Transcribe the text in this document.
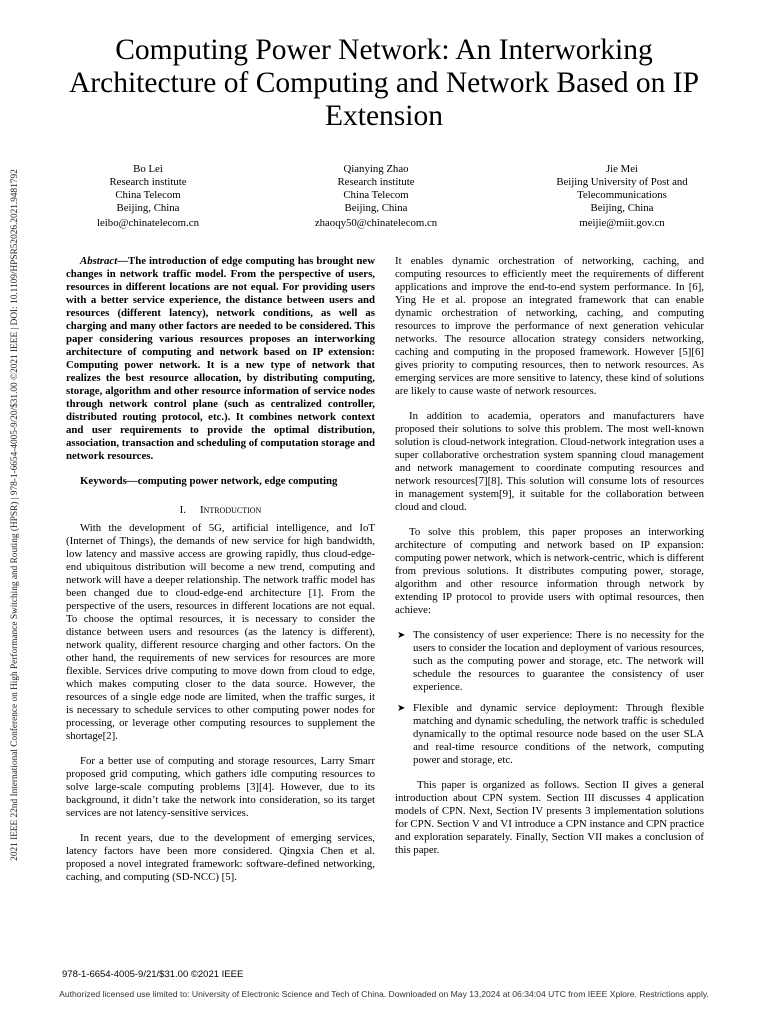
2021 IEEE 22nd International Conference on High Performance Switching and Routing (HPSR) | 978-1-6654-4005-9/20/$31.00 ©2021 IEEE | DOI: 10.1109/HPSR52026.2021.9481792
Computing Power Network: An Interworking Architecture of Computing and Network Based on IP Extension
Bo Lei
Research institute
China Telecom
Beijing, China
leibo@chinatelecom.cn
Qianying Zhao
Research institute
China Telecom
Beijing, China
zhaoqy50@chinatelecom.cn
Jie Mei
Beijing University of Post and
Telecommunications
Beijing, China
meijie@miit.gov.cn
Abstract—The introduction of edge computing has brought new changes in network traffic model. From the perspective of users, resources in different locations are not equal. For providing users with a better service experience, the distance between users and resources (different latency), network conditions, as well as charging and many other factors are needed to be considered. This paper considering various resources proposes an interworking architecture of computing and network based on IP extension: Computing power network. It is a new type of network that realizes the best resource allocation, by distributing computing, storage, algorithm and other resource information of service nodes through network control plane (such as centralized controller, distributed routing protocol, etc.). It combines network context and user requirements to provide the optimal distribution, association, transaction and scheduling of computation storage and network resources.
Keywords—computing power network, edge computing
I. Introduction

With the development of 5G, artificial intelligence, and IoT (Internet of Things), the demands of new service for high bandwidth, low latency and massive access are growing rapidly, thus cloud-edge-end ubiquitous distribution will become a new trend, computing and network will have a deeper relationship. The network traffic model has been changed due to cloud-edge-end architecture [1]. From the perspective of the users, resources in different locations are not equal. To choose the optimal resources, it is necessary to consider the distance between users and resources (as the latency is different), network quality, different resource charging and other factors. On the other hand, the requirements of new services for resources are more flexible. Services drive computing to move down from cloud to edge, which makes computing closer to the data source. However, the resources of a single edge node are limited, when the traffic surges, it is necessary to schedule services to other computing power nodes for processing, or leverage other computing resources to supplement the shortage[2].

For a better use of computing and storage resources, Larry Smarr proposed grid computing, which gathers idle computing resources to solve large-scale computing problems [3][4]. However, due to its background, it didn’t take the network into consideration, so its target services are not latency-sensitive services.

In recent years, due to the development of emerging services, latency factors have been more considered. Qingxia Chen et al. proposed a novel integrated framework: software-defined networking, caching, and computing (SD-NCC) [5].

It enables dynamic orchestration of networking, caching, and computing resources to efficiently meet the requirements of different applications and improve the end-to-end system performance. In [6], Ying He et al. propose an integrated framework that can enable dynamic orchestration of networking, caching, and computing resources to improve the performance of next generation vehicular networks. The resource allocation strategy considers networking, caching and computing in the proposed framework. However [5][6] gives priority to computing resources, then to network resources. As emerging services are more sensitive to latency, these kind of solutions are likely to cause waste of network resources.

In addition to academia, operators and manufacturers have proposed their solutions to solve this problem. The most well-known solution is cloud-network integration. Cloud-network integration uses a super collaborative orchestration system spanning cloud management and network management to coordinate computing resources and network resources[7][8]. This solution will consume lots of resources in management system[9], it suitable for the collaboration between cloud and cloud.

To solve this problem, this paper proposes an interworking architecture of computing and network based on IP expansion: computing power network, which is network-centric, which is different from previous solutions. It distributes computing power, storage, algorithm and other resource information through network by extending IP protocol to provide users with optimal resources, then achieve:

➤ The consistency of user experience: There is no necessity for the users to consider the location and deployment of various resources, such as the computing power and storage, etc. The network will schedule the resources to guarantee the consistency of user experience.
➤ Flexible and dynamic service deployment: Through flexible matching and dynamic scheduling, the network traffic is scheduled dynamically to the optimal resource node based on the user SLA and real-time resource conditions of the network, computing power and storage, etc.

This paper is organized as follows. Section II gives a general introduction about CPN system. Section III discusses 4 application models of CPN. Next, Section IV presents 3 implementation solutions for CPN. Section V and VI introduce a CPN instance and CPN practice and exploration separately. Finally, Section VII makes a conclusion of this paper.

978-1-6654-4005-9/21/$31.00 ©2021 IEEE
Authorized licensed use limited to: University of Electronic Science and Tech of China. Downloaded on May 13,2024 at 06:34:04 UTC from IEEE Xplore. Restrictions apply.
